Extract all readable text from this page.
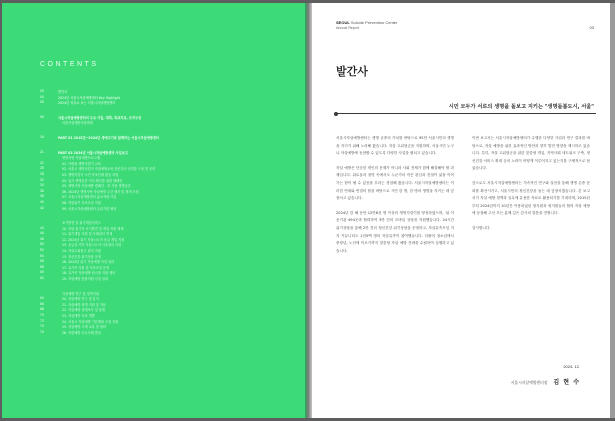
CONTENTS
03	발간사
04	2024년 서울시자살예방센터 Key Highlight
05	2024년 성과로 보는 서울시자살예방센터
08	서울시자살예방센터의 주요 사업, 계획, 목표지표, 조직구성
서울자살예방사업체계
16	PART 01 2015년~2024년 생애주기와 함께하는 서울시자살예방센터
21	PART 02 2024년 서울시자살예방센터 사업보고
생명사랑 자살예방프로그램
22	01. 사람을 생명지킴이 교육
25	02. 서울시 생명지킴이 자살예방교육 전문강사 인력풀 구성 및 운영
28	03. 생명지킴이 시민 자조단체 활동 지원
32	04. 일사 생명존중 의식 확산을 위한 캠페인
34	05. 생명사랑 자살예방 캠페인 - 잘 가을 생명존중
36	06. 2024년 생명사랑 자살예방 주간 행사 및 정책 포럼
38	07. 서울시자살예방센터 홍보지원 사업
40	08. 자살위기 자조모임 지원
42	09. 서울시자살예방센터 유관기관 협력
조기발견 및 위기개입서비스
44	10. 자살 위기자 조기발견 및 개입 지원 체계
46	11. 위기개입 지원 및 사례관리 연계
48	12. 2024년 위기 자살시도자 응급 개입 지원
50	13. 응급실 기반 자살시도자 사후관리 사업
52	14. 자살고위험군 관리 지원
54	15. 정신건강 위기상담 운영
56	16. 2024년 위기 자살예방 사업 성과
58	17. 유가족 지원 및 자조모임 운영
60	18. 유가족 자살예방 원스톱 지원 센터
62	19. 자살예방 통합지원 사업 성과
자살예방 연구 및 정책지원
64	20. 자살예방 연구 및 분석
66	21. 자살예방 정책 지원 및 자문
68	22. 자살예방 실태조사 및 통계
70	23. 자살예방 지표 개발
72	24. 서울시 자살예방 기본계획 수립 지원
74	25. 자살예방 국제 교류 및 협력
76	26. 자살예방 우수사례 발굴
SEOUL Suicide Prevention Center
Annual Report	03
발간사
시민 모두가 서로의 생명을 돌보고 지키는 "생명돌봄도시, 서울"

서울시자살예방센터는 생명 존중의 가치를 바탕으로 95만 서울시민의 생명을 지키기 위해 노력해 왔습니다. 자살 고위험군을 지원하며, 서울시민 누구나 자살예방에 동참할 수 있도록 다양한 사업을 펼치고 있습니다.

자살 예방은 단순한 개인의 문제가 아니라 사회 전체가 함께 해결해야 할 과제입니다. 위로움과 절망 속에서도 누군가의 작은 관심과 친절이 삶을 이어가는 힘이 될 수 있음을 우리는 경험해 왔습니다. 서울시자살예방센터는 이러한 연대와 연결의 힘을 바탕으로 시민 한 명, 한 명의 생명을 지키는 데 앞장서고 있습니다.

2024년 한 해 동안 12만6천 명 이상의 생명지킴이를 양성하였으며, '위 이웃기관 494곳과 협력하여 3만 건의 모바일 상담을 지원했습니다. 24시간 위기상담을 통해 2만 건의 정신건강 위기상담을 운영하고, 자살유족모임 지지 커뮤니티도 1천5백 명의 자살유족이 참여했습니다. 더불어 청소년에서 중장년, 노인에 이르기까지 맞춤형 자살 예방 전략을 수립하여 실행하고 있습니다.

이번 보고서는 서울시자살예방센터가 수행한 다양한 사업과 연구 결과를 바탕으로, 자살 예방을 위한 효과적인 방안과 향후 발전 방향을 제시하고 있습니다. 특히, 자살 고위험군을 위한 맞춤형 개입, 지역사회 네트워크 구축, 정신건강 서비스 확대 등의 노력이 어떻게 이루어지고 있는지를 구체적으로 담았습니다.

앞으로도 서울시자살예방센터는 지속적인 연구와 실천을 통해 생명 존중 문화를 확산시키고, 서울시민의 정신건강을 돕는 데 앞장서겠습니다. 본 보고서가 자살 예방 정책과 실무에 유용한 자료로 활용되기를 기대하며, 2015년부터 2024년까지 10년간 이용되었던 영지원과 영지원들의 협력 자살 예방에 동참해 주신 모든 분께 깊은 감사의 말씀을 전합니다.

감사합니다.

2024. 12.
서울시자살예방센터장 김 현 수
